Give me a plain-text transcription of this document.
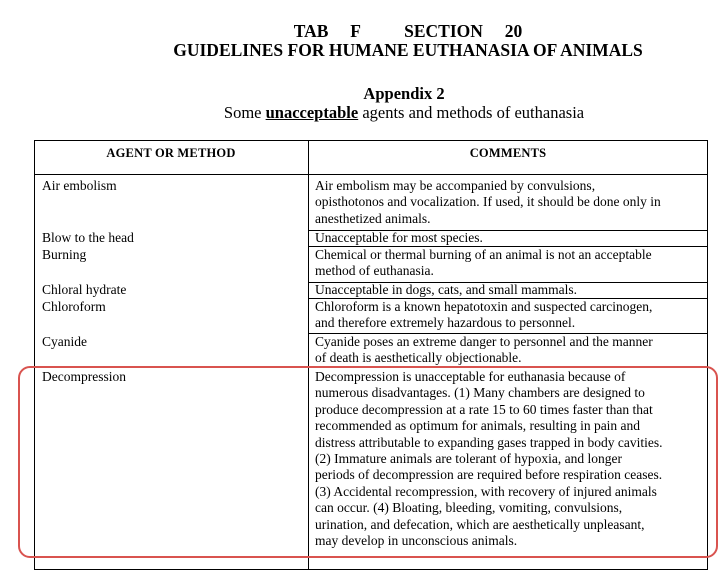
TAB     F          SECTION     20
GUIDELINES FOR HUMANE EUTHANASIA OF ANIMALS
Appendix 2
Some unacceptable agents and methods of euthanasia
AGENT OR METHOD	COMMENTS
Air embolism	Air embolism may be accompanied by convulsions,
opisthotonos and vocalization. If used, it should be done only in
anesthetized animals.
Blow to the head	Unacceptable for most species.
Burning	Chemical or thermal burning of an animal is not an acceptable
method of euthanasia.
Chloral hydrate	Unacceptable in dogs, cats, and small mammals.
Chloroform	Chloroform is a known hepatotoxin and suspected carcinogen,
and therefore extremely hazardous to personnel.
Cyanide	Cyanide poses an extreme danger to personnel and the manner
of death is aesthetically objectionable.
Decompression	Decompression is unacceptable for euthanasia because of
numerous disadvantages. (1) Many chambers are designed to
produce decompression at a rate 15 to 60 times faster than that
recommended as optimum for animals, resulting in pain and
distress attributable to expanding gases trapped in body cavities.
(2) Immature animals are tolerant of hypoxia, and longer
periods of decompression are required before respiration ceases.
(3) Accidental recompression, with recovery of injured animals
can occur. (4) Bloating, bleeding, vomiting, convulsions,
urination, and defecation, which are aesthetically unpleasant,
may develop in unconscious animals.
